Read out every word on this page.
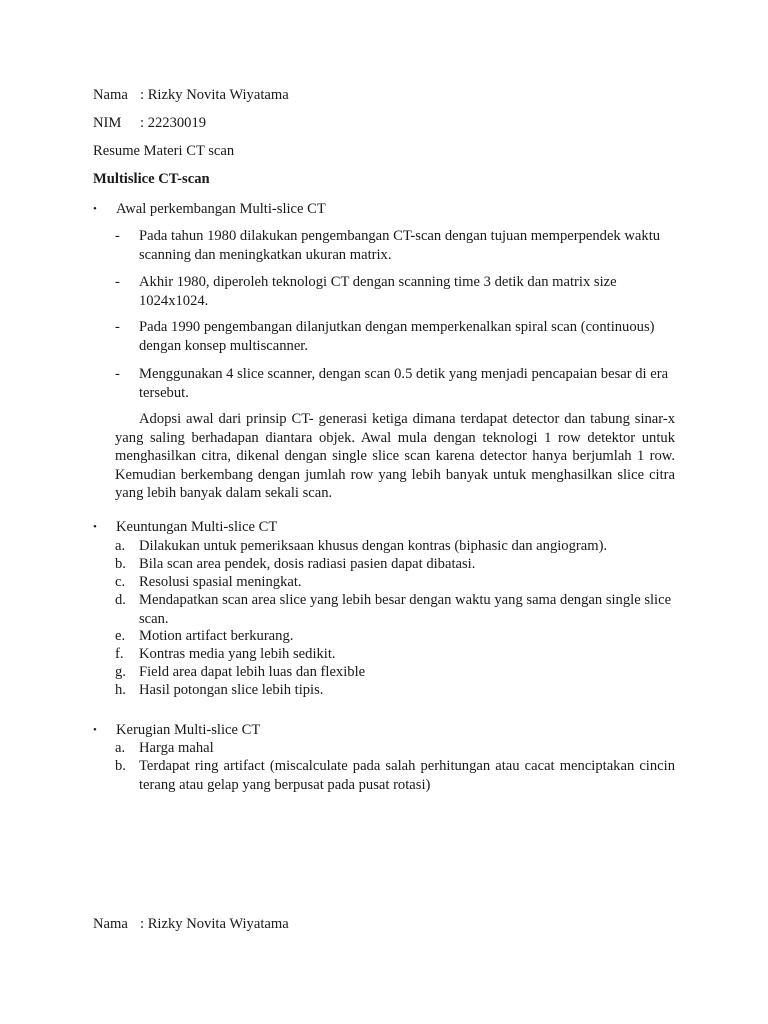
Nama : Rizky Novita Wiyatama
NIM : 22230019
Resume Materi CT scan
Multislice CT-scan
• Awal perkembangan Multi-slice CT
- Pada tahun 1980 dilakukan pengembangan CT-scan dengan tujuan memperpendek waktu scanning dan meningkatkan ukuran matrix.
- Akhir 1980, diperoleh teknologi CT dengan scanning time 3 detik dan matrix size 1024x1024.
- Pada 1990 pengembangan dilanjutkan dengan memperkenalkan spiral scan (continuous) dengan konsep multiscanner.
- Menggunakan 4 slice scanner, dengan scan 0.5 detik yang menjadi pencapaian besar di era tersebut.
Adopsi awal dari prinsip CT- generasi ketiga dimana terdapat detector dan tabung sinar-x yang saling berhadapan diantara objek. Awal mula dengan teknologi 1 row detektor untuk menghasilkan citra, dikenal dengan single slice scan karena detector hanya berjumlah 1 row. Kemudian berkembang dengan jumlah row yang lebih banyak untuk menghasilkan slice citra yang lebih banyak dalam sekali scan.
• Keuntungan Multi-slice CT
a. Dilakukan untuk pemeriksaan khusus dengan kontras (biphasic dan angiogram).
b. Bila scan area pendek, dosis radiasi pasien dapat dibatasi.
c. Resolusi spasial meningkat.
d. Mendapatkan scan area slice yang lebih besar dengan waktu yang sama dengan single slice scan.
e. Motion artifact berkurang.
f. Kontras media yang lebih sedikit.
g. Field area dapat lebih luas dan flexible
h. Hasil potongan slice lebih tipis.
• Kerugian Multi-slice CT
a. Harga mahal
b. Terdapat ring artifact (miscalculate pada salah perhitungan atau cacat menciptakan cincin terang atau gelap yang berpusat pada pusat rotasi)
Nama : Rizky Novita Wiyatama
